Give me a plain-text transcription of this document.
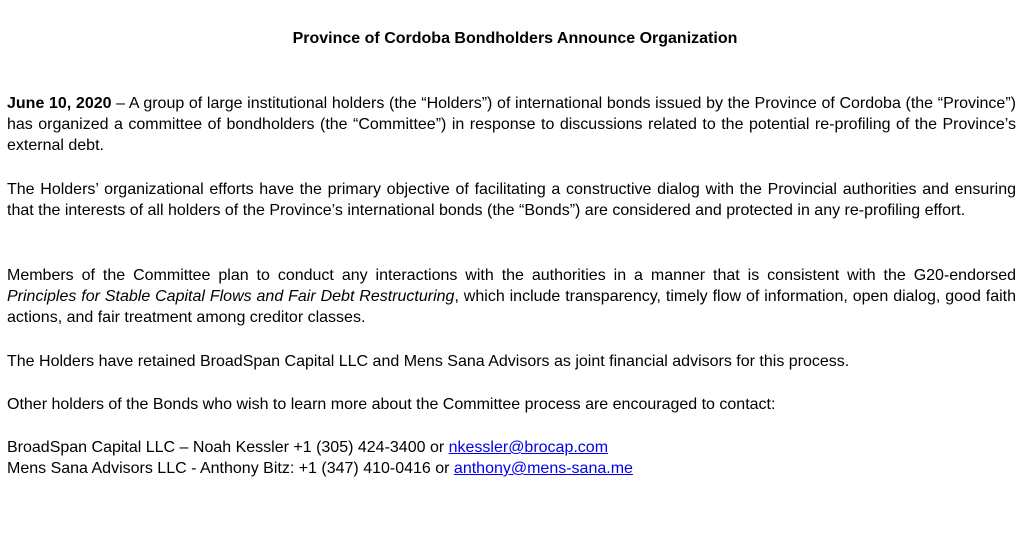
Province of Cordoba Bondholders Announce Organization

June 10, 2020 – A group of large institutional holders (the “Holders”) of international bonds issued by the Province of Cordoba (the “Province”) has organized a committee of bondholders (the “Committee”) in response to discussions related to the potential re-profiling of the Province’s external debt.

The Holders’ organizational efforts have the primary objective of facilitating a constructive dialog with the Provincial authorities and ensuring that the interests of all holders of the Province’s international bonds (the “Bonds”) are considered and protected in any re-profiling effort.

Members of the Committee plan to conduct any interactions with the authorities in a manner that is consistent with the G20-endorsed Principles for Stable Capital Flows and Fair Debt Restructuring, which include transparency, timely flow of information, open dialog, good faith actions, and fair treatment among creditor classes.

The Holders have retained BroadSpan Capital LLC and Mens Sana Advisors as joint financial advisors for this process.

Other holders of the Bonds who wish to learn more about the Committee process are encouraged to contact:

BroadSpan Capital LLC – Noah Kessler +1 (305) 424-3400 or nkessler@brocap.com
Mens Sana Advisors LLC - Anthony Bitz: +1 (347) 410-0416 or anthony@mens-sana.me
